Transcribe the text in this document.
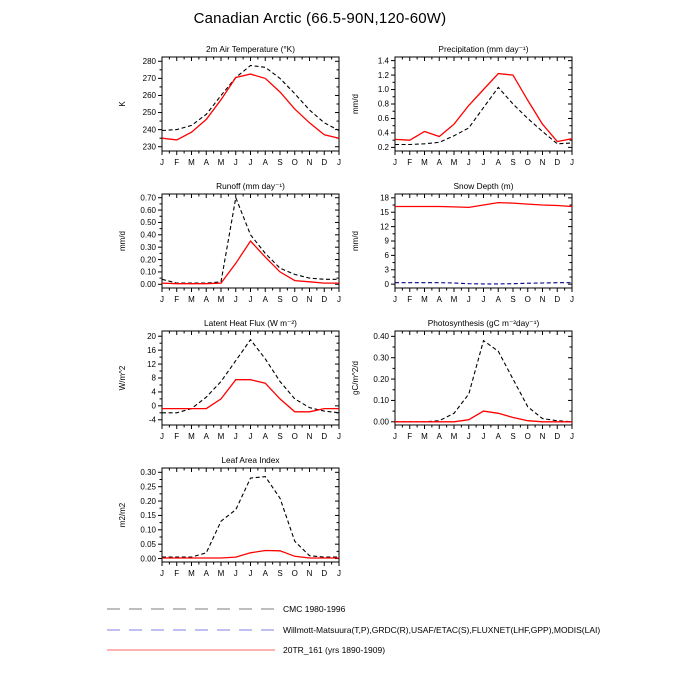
Canadian Arctic (66.5-90N,120-60W)
2m Air Temperature (°K)
K
230
240
250
260
270
280
J F M A M J J A S O N D J
Precipitation (mm day⁻¹)
mm/d
0.2
0.4
0.6
0.8
1.0
1.2
1.4
J F M A M J J A S O N D J
Runoff (mm day⁻¹)
mm/d
0.00
0.10
0.20
0.30
0.40
0.50
0.60
0.70
J F M A M J J A S O N D J
Snow Depth (m)
mm/d
0
3
6
9
12
15
18
J F M A M J J A S O N D J
Latent Heat Flux (W m⁻²)
W/m^2
-4
0
4
8
12
16
20
J F M A M J J A S O N D J
Photosynthesis (gC m⁻²day⁻¹)
gC/m^2/d
0.00
0.10
0.20
0.30
0.40
J F M A M J J A S O N D J
Leaf Area Index
m2/m2
0.00
0.05
0.10
0.15
0.20
0.25
0.30
J F M A M J J A S O N D J
CMC 1980-1996
Willmott-Matsuura(T,P),GRDC(R),USAF/ETAC(S),FLUXNET(LHF,GPP),MODIS(LAI)
20TR_161 (yrs 1890-1909)
